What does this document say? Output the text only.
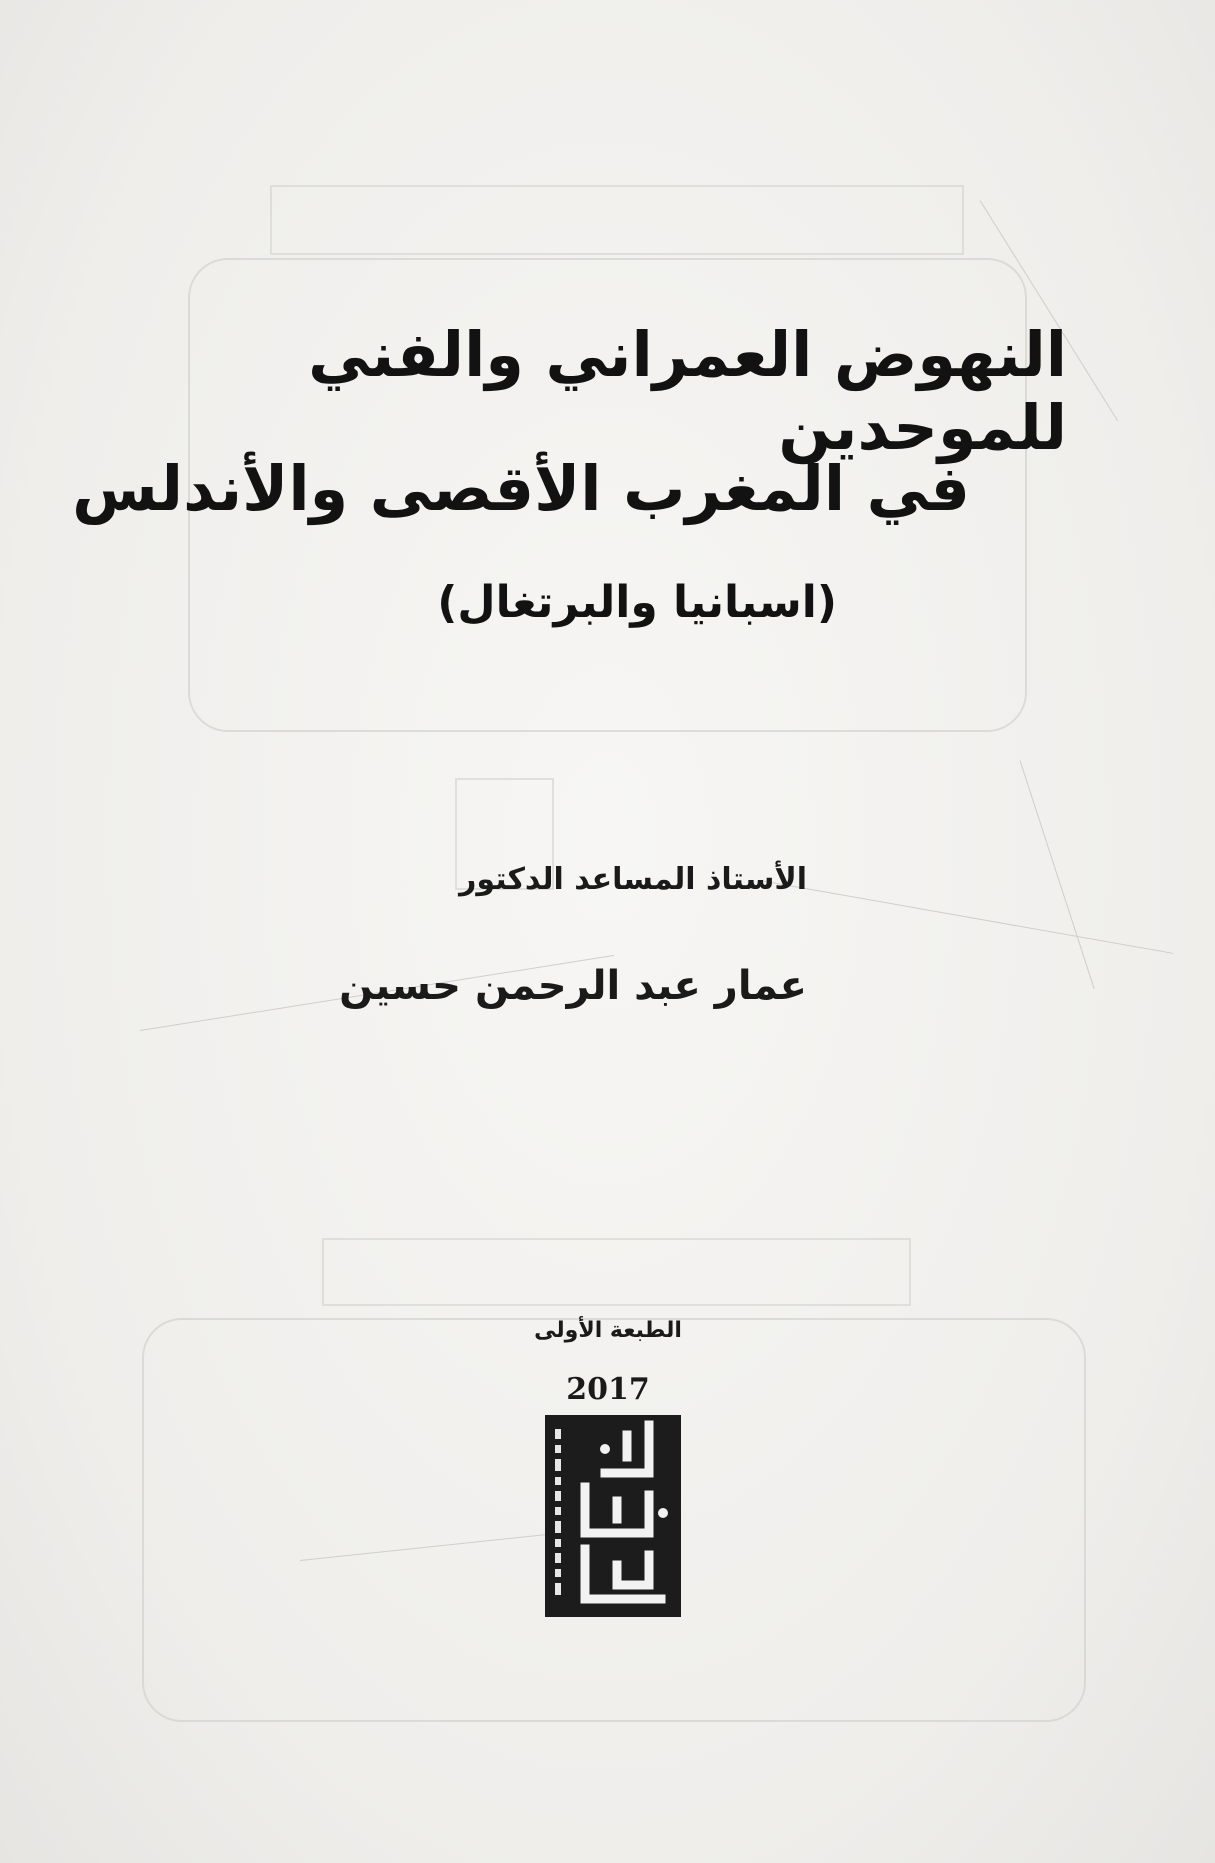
النهوض العمراني والفني للموحدين
في المغرب الأقصى والأندلس
(اسبانيا والبرتغال)

الأستاذ المساعد الدكتور

عمار عبد الرحمن حسين

الطبعة الأولى
2017
